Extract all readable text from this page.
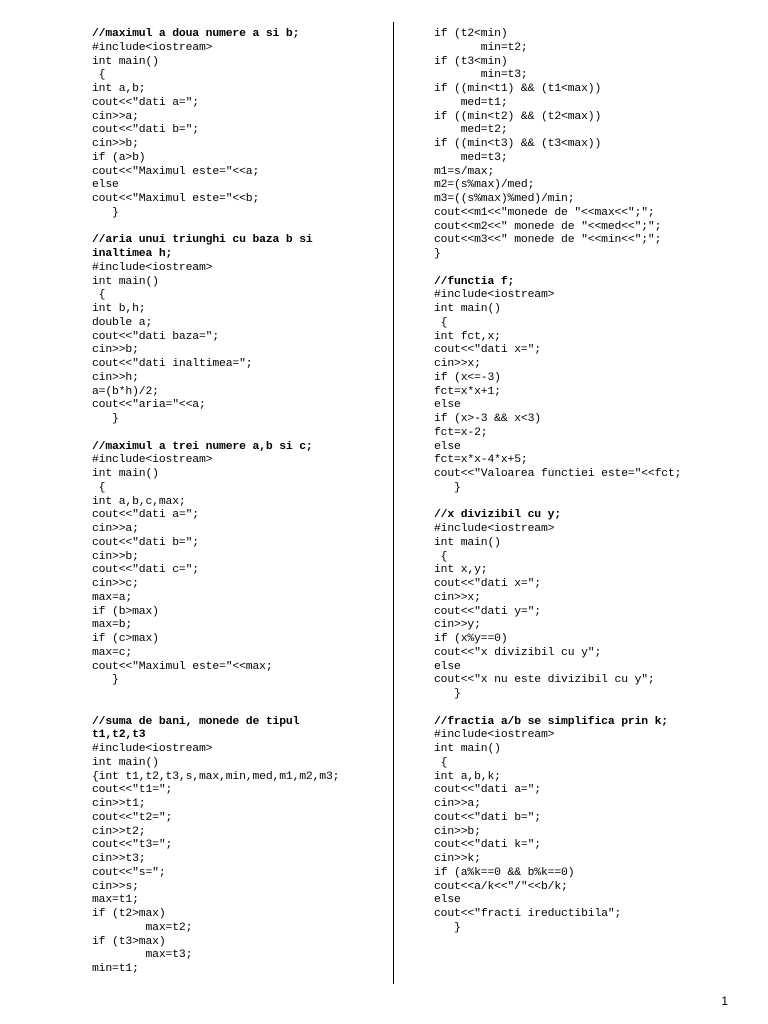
//maximul a doua numere a si b;
#include<iostream>
int main()
{
int a,b;
cout<<"dati a=";
cin>>a;
cout<<"dati b=";
cin>>b;
if (a>b)
cout<<"Maximul este="<<a;
else
cout<<"Maximul este="<<b;
}
//aria unui triunghi cu baza b si
inaltimea h;
#include<iostream>
int main()
{
int b,h;
double a;
cout<<"dati baza=";
cin>>b;
cout<<"dati inaltimea=";
cin>>h;
a=(b*h)/2;
cout<<"aria="<<a;
}
//maximul a trei numere a,b si c;
#include<iostream>
int main()
{
int a,b,c,max;
cout<<"dati a=";
cin>>a;
cout<<"dati b=";
cin>>b;
cout<<"dati c=";
cin>>c;
max=a;
if (b>max)
max=b;
if (c>max)
max=c;
cout<<"Maximul este="<<max;
}
//suma de bani, monede de tipul
t1,t2,t3
#include<iostream>
int main()
{int t1,t2,t3,s,max,min,med,m1,m2,m3;
cout<<"t1=";
cin>>t1;
cout<<"t2=";
cin>>t2;
cout<<"t3=";
cin>>t3;
cout<<"s=";
cin>>s;
max=t1;
if (t2>max)
max=t2;
if (t3>max)
max=t3;
min=t1;
if (t2<min)
min=t2;
if (t3<min)
min=t3;
if ((min<t1) && (t1<max))
med=t1;
if ((min<t2) && (t2<max))
med=t2;
if ((min<t3) && (t3<max))
med=t3;
m1=s/max;
m2=(s%max)/med;
m3=((s%max)%med)/min;
cout<<m1<<"monede de "<<max<<";";
cout<<m2<<" monede de "<<med<<";";
cout<<m3<<" monede de "<<min<<";";
}
//functia f;
#include<iostream>
int main()
{
int fct,x;
cout<<"dati x=";
cin>>x;
if (x<=-3)
fct=x*x+1;
else
if (x>-3 && x<3)
fct=x-2;
else
fct=x*x-4*x+5;
cout<<"Valoarea functiei este="<<fct;
}
//x divizibil cu y;
#include<iostream>
int main()
{
int x,y;
cout<<"dati x=";
cin>>x;
cout<<"dati y=";
cin>>y;
if (x%y==0)
cout<<"x divizibil cu y";
else
cout<<"x nu este divizibil cu y";
}
//fractia a/b se simplifica prin k;
#include<iostream>
int main()
{
int a,b,k;
cout<<"dati a=";
cin>>a;
cout<<"dati b=";
cin>>b;
cout<<"dati k=";
cin>>k;
if (a%k==0 && b%k==0)
cout<<a/k<<"/"<<b/k;
else
cout<<"fracti ireductibila";
}
1
